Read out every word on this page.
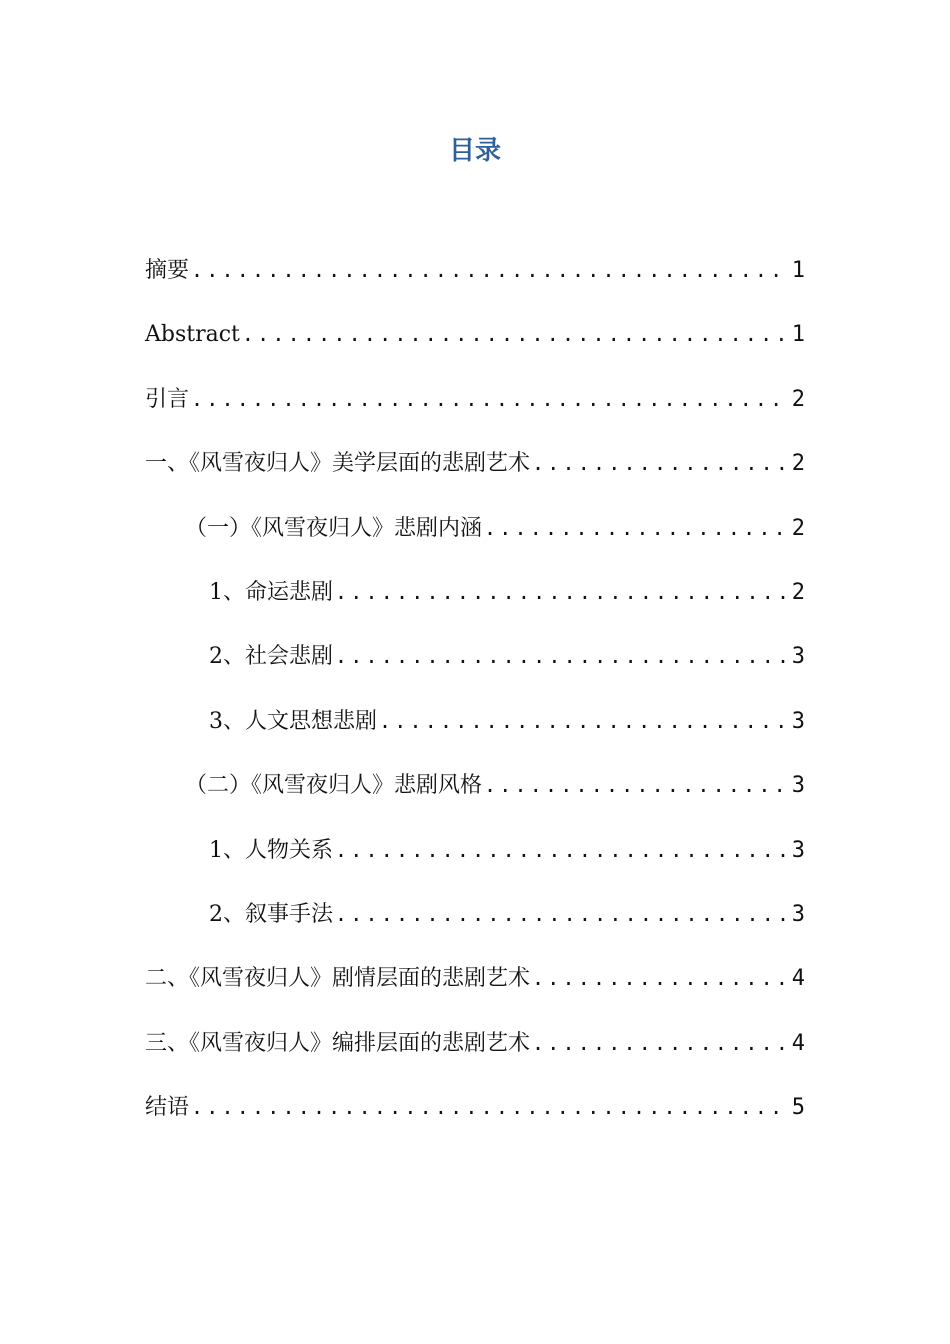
目录
摘要 .....	1
Abstract .....	1
引言 .....	2
一、《风雪夜归人》美学层面的悲剧艺术 .....	2
（一）《风雪夜归人》悲剧内涵 .....	2
1、命运悲剧 .....	2
2、社会悲剧 .....	3
3、人文思想悲剧 .....	3
（二）《风雪夜归人》悲剧风格 .....	3
1、人物关系 .....	3
2、叙事手法 .....	3
二、《风雪夜归人》剧情层面的悲剧艺术 .....	4
三、《风雪夜归人》编排层面的悲剧艺术 .....	4
结语 .....	5
